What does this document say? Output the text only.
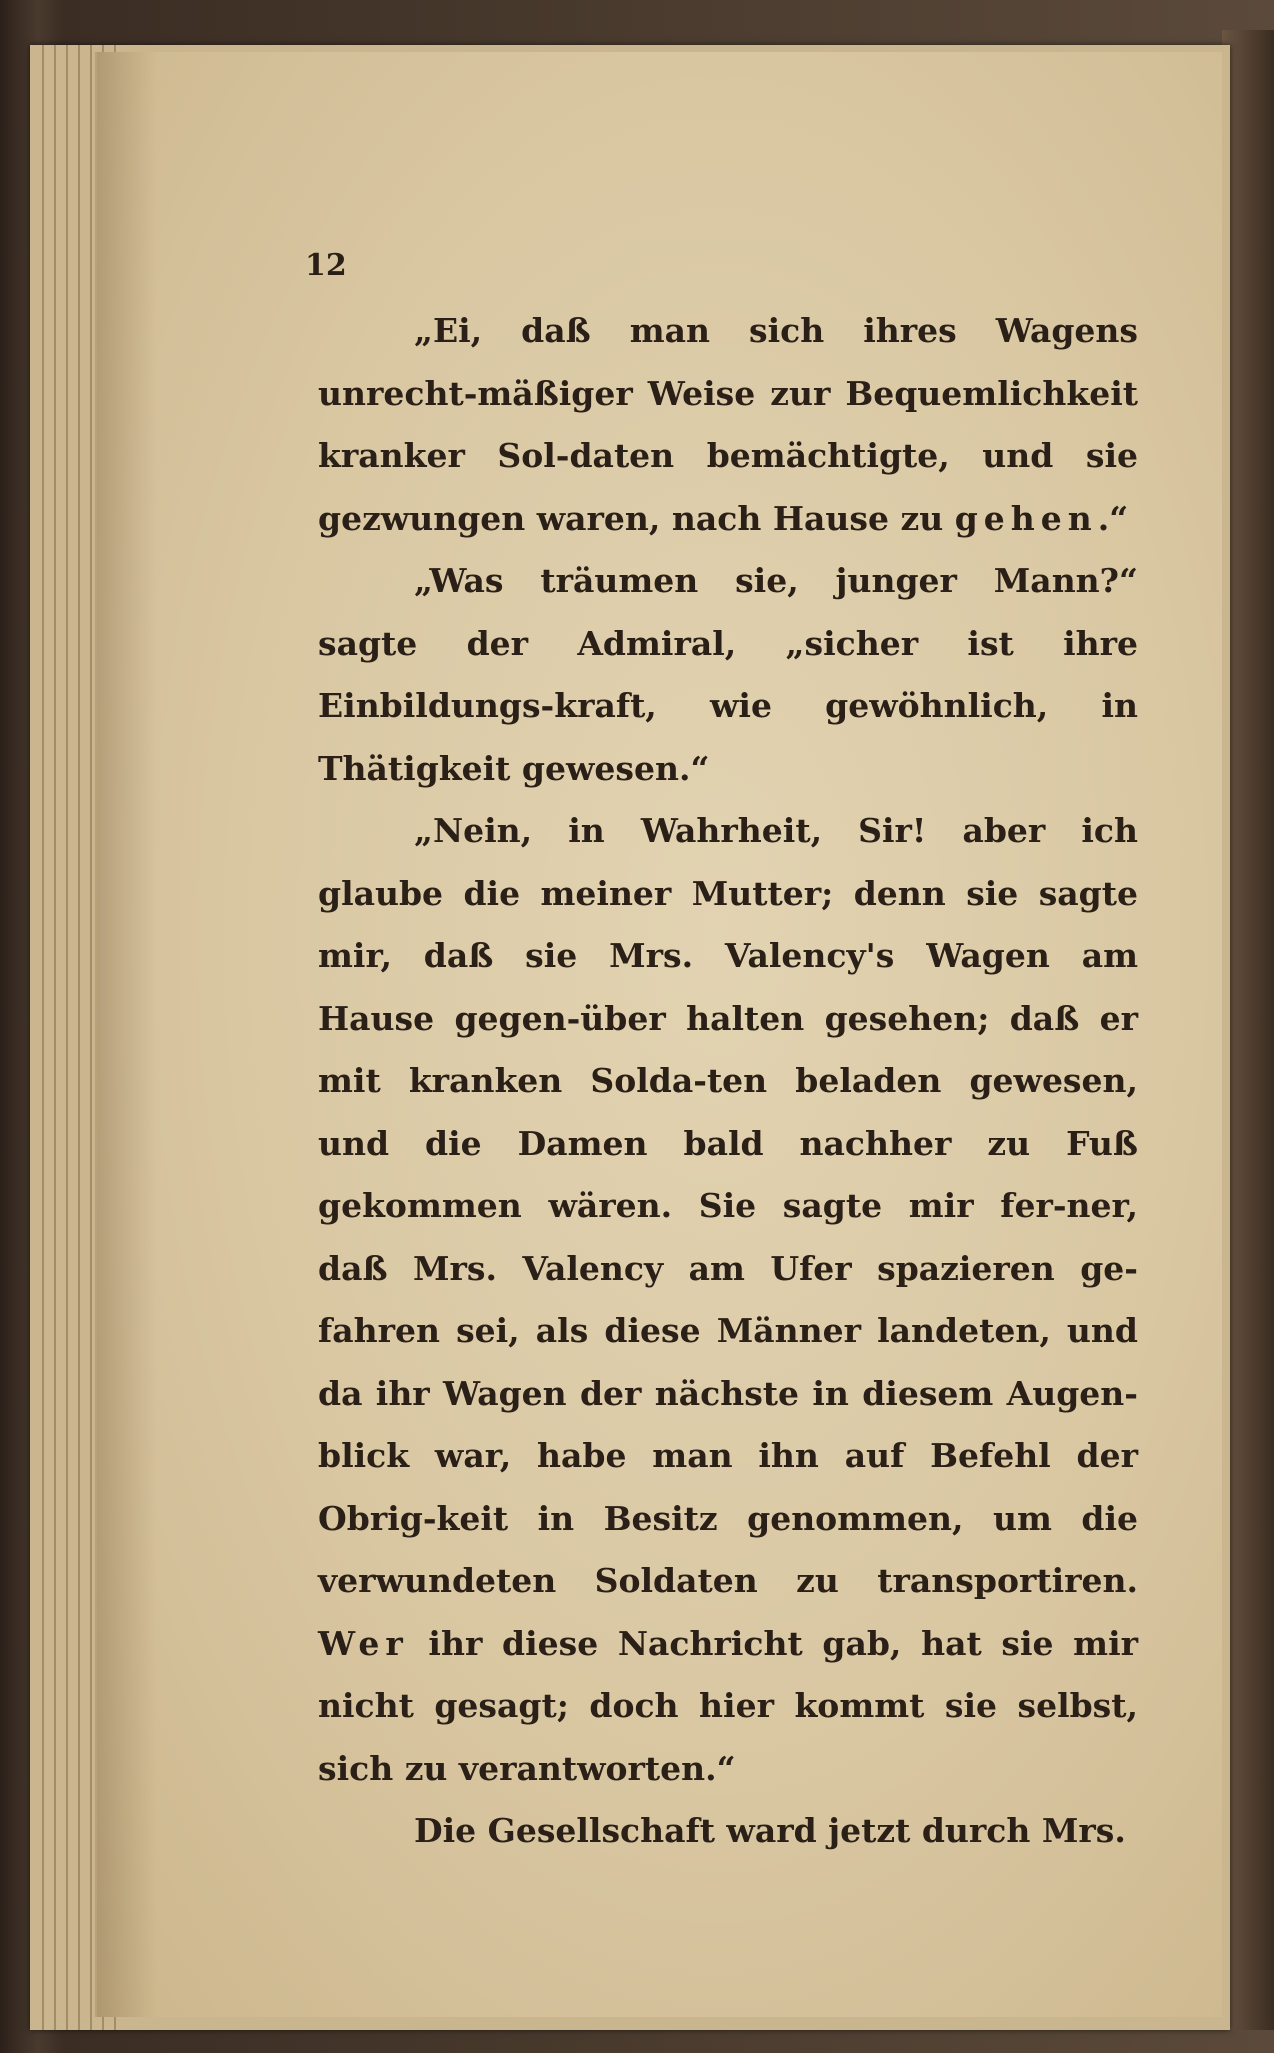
12

„Ei, daß man sich ihres Wagens unrecht-mäßiger Weise zur Bequemlichkeit kranker Sol-daten bemächtigte, und sie gezwungen waren, nach Hause zu gehen.“

„Was träumen sie, junger Mann?“ sagte der Admiral, „sicher ist ihre Einbildungs-kraft, wie gewöhnlich, in Thätigkeit gewesen.“

„Nein, in Wahrheit, Sir! aber ich glaube die meiner Mutter; denn sie sagte mir, daß sie Mrs. Valency's Wagen am Hause gegen-über halten gesehen; daß er mit kranken Solda-ten beladen gewesen, und die Damen bald nachher zu Fuß gekommen wären. Sie sagte mir fer-ner, daß Mrs. Valency am Ufer spazieren ge-fahren sei, als diese Männer landeten, und da ihr Wagen der nächste in diesem Augen-blick war, habe man ihn auf Befehl der Obrig-keit in Besitz genommen, um die verwundeten Soldaten zu transportiren. Wer ihr diese Nachricht gab, hat sie mir nicht gesagt; doch hier kommt sie selbst, sich zu verantworten.“

Die Gesellschaft ward jetzt durch Mrs.
